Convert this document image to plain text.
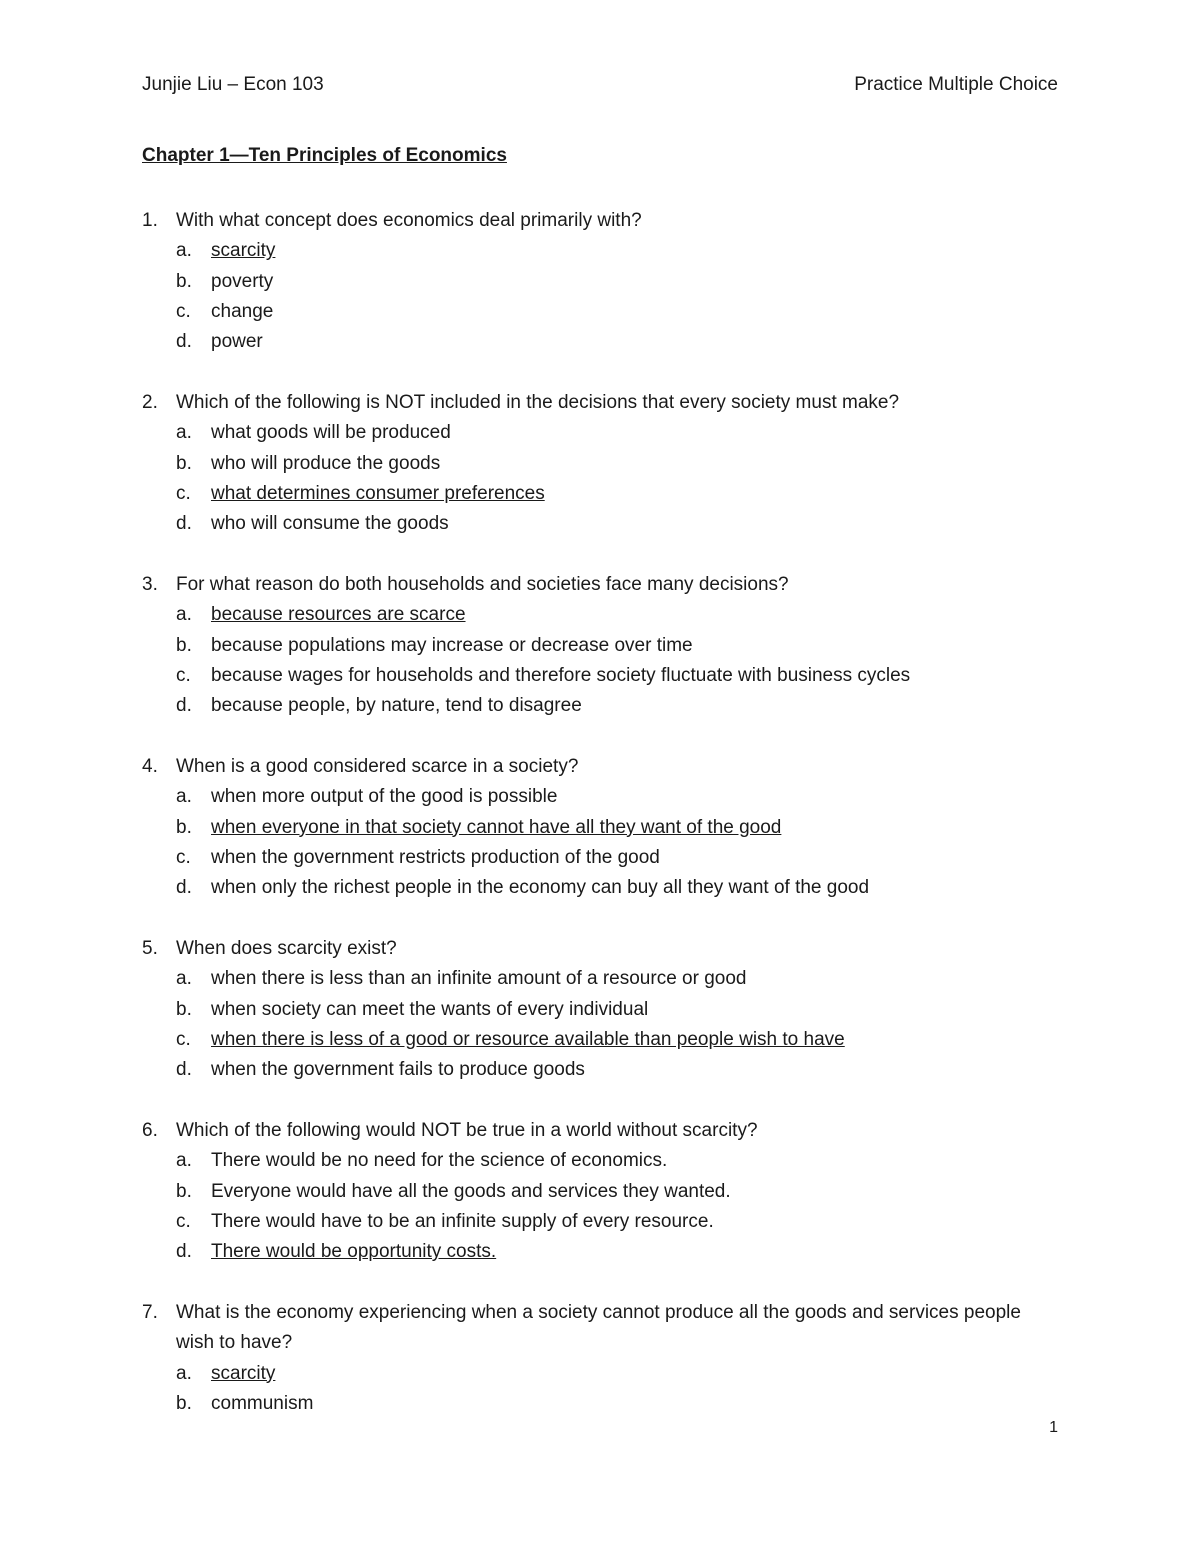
Junjie Liu – Econ 103	Practice Multiple Choice
Chapter 1—Ten Principles of Economics
1. With what concept does economics deal primarily with?
a. scarcity
b. poverty
c. change
d. power
2. Which of the following is NOT included in the decisions that every society must make?
a. what goods will be produced
b. who will produce the goods
c. what determines consumer preferences
d. who will consume the goods
3. For what reason do both households and societies face many decisions?
a. because resources are scarce
b. because populations may increase or decrease over time
c. because wages for households and therefore society fluctuate with business cycles
d. because people, by nature, tend to disagree
4. When is a good considered scarce in a society?
a. when more output of the good is possible
b. when everyone in that society cannot have all they want of the good
c. when the government restricts production of the good
d. when only the richest people in the economy can buy all they want of the good
5. When does scarcity exist?
a. when there is less than an infinite amount of a resource or good
b. when society can meet the wants of every individual
c. when there is less of a good or resource available than people wish to have
d. when the government fails to produce goods
6. Which of the following would NOT be true in a world without scarcity?
a. There would be no need for the science of economics.
b. Everyone would have all the goods and services they wanted.
c. There would have to be an infinite supply of every resource.
d. There would be opportunity costs.
7. What is the economy experiencing when a society cannot produce all the goods and services people wish to have?
a. scarcity
b. communism
1
